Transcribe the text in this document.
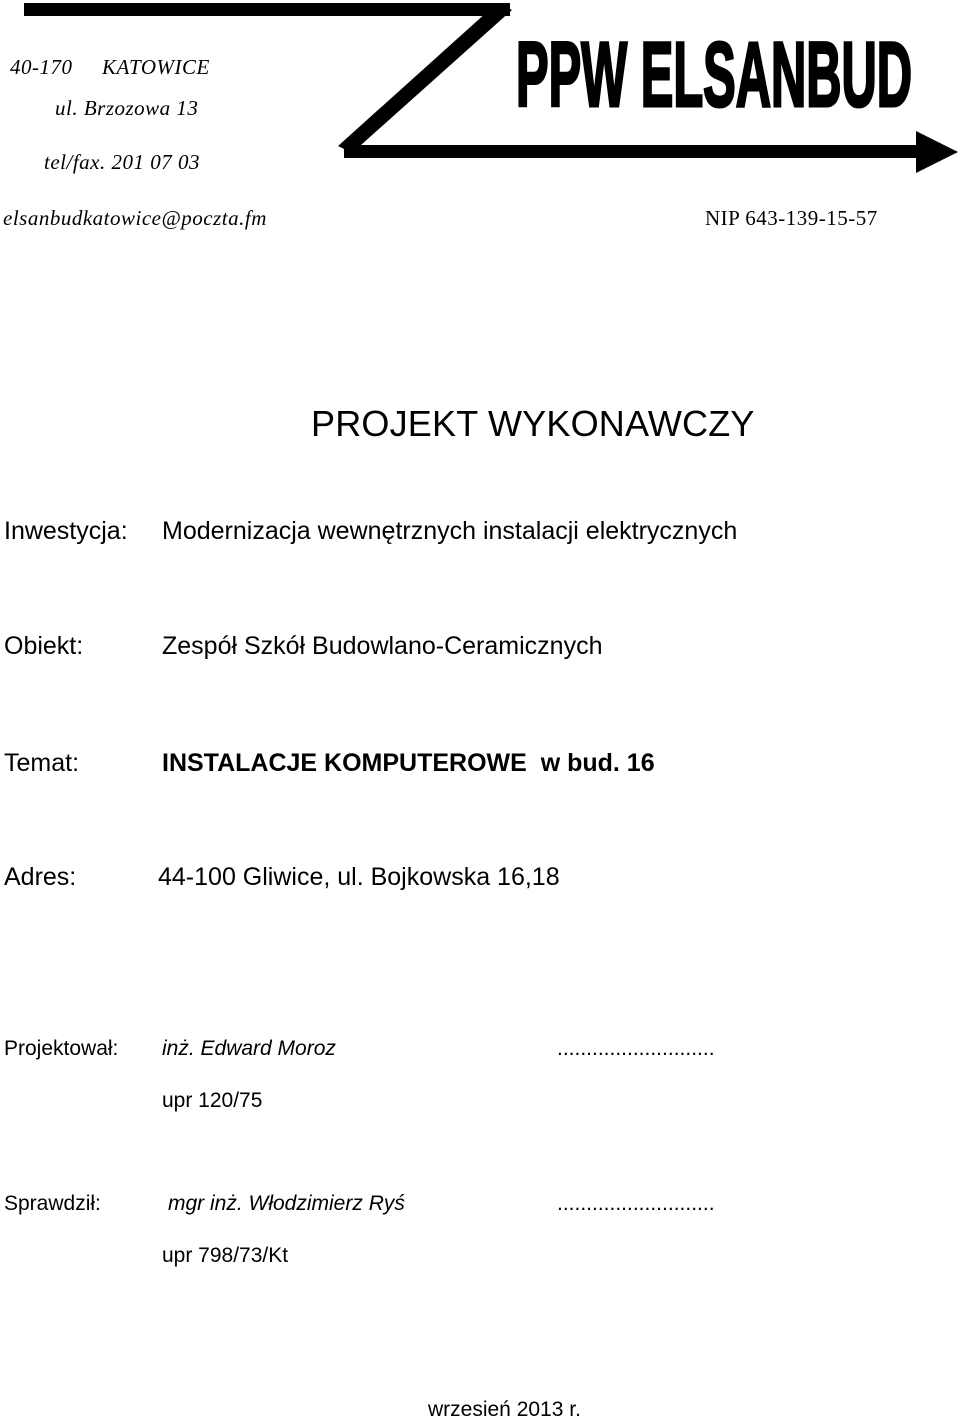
PPW ELSANBUD
40-170 KATOWICE
ul. Brzozowa 13
tel/fax. 201 07 03
elsanbudkatowice@poczta.fm	NIP 643-139-15-57
PROJEKT WYKONAWCZY
Inwestycja: Modernizacja wewnętrznych instalacji elektrycznych
Obiekt:	Zespół Szkół Budowlano-Ceramicznych
Temat:	INSTALACJE KOMPUTEROWE  w bud. 16
Adres:	44-100 Gliwice, ul. Bojkowska 16,18
Projektował: inż. Edward Moroz	...........................
upr 120/75
Sprawdził:	mgr inż. Włodzimierz Ryś	...........................
upr 798/73/Kt
wrzesień 2013 r.
